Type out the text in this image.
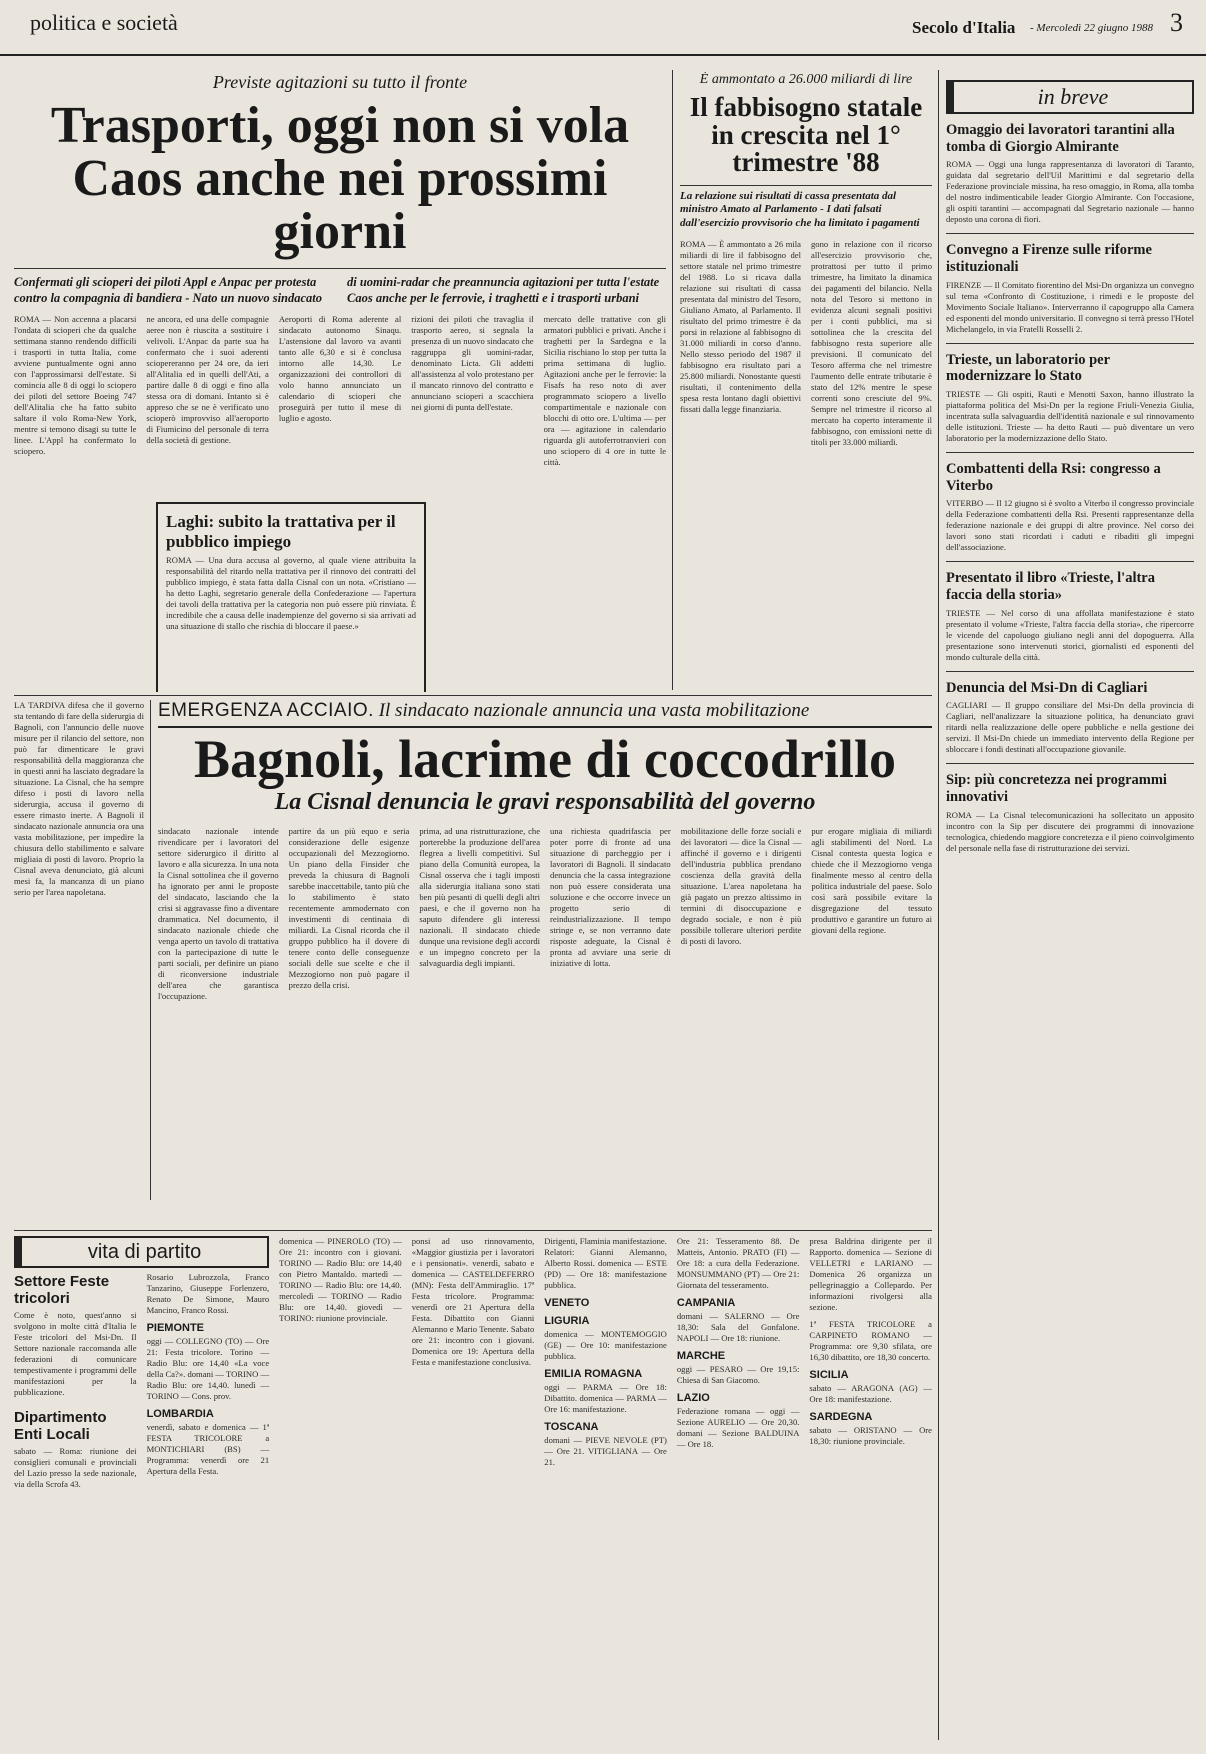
politica e società	Secolo d'Italia - Mercoledì 22 giugno 1988 3
Previste agitazioni su tutto il fronte
Trasporti, oggi non si vola
Caos anche nei prossimi giorni
Confermati gli scioperi dei piloti Appl e Anpac per protesta contro la compagnia di bandiera - Nato un nuovo sindacato
di uomini-radar che preannuncia agitazioni per tutta l'estate Caos anche per le ferrovie, i traghetti e i trasporti urbani
ROMA — Non accenna a placarsi l'ondata di scioperi che da qualche settimana stanno rendendo difficili i trasporti in tutta Italia, come avviene puntualmente ogni anno con l'approssimarsi dell'estate. Si comincia alle 8 di oggi lo sciopero dei piloti del settore Boeing 747 dell'Alitalia che ha fatto subito saltare il volo Roma-New York, mentre si temono disagi su tutte le linee. L'Appl ha confermato lo sciopero.
ne ancora, ed una delle compagnie aeree non è riuscita a sostituire i velivoli. L'Anpac da parte sua ha confermato che i suoi aderenti sciopereranno per 24 ore, da ieri all'Alitalia ed in quelli dell'Ati, a partire dalle 8 di oggi e fino alla stessa ora di domani. Intanto si è appreso che se ne è verificato uno scioperò improvviso all'aeroporto di Fiumicino del personale di terra della società di gestione.
Aeroporti di Roma aderente al sindacato autonomo Sinaqu. L'astensione dal lavoro va avanti tanto alle 6,30 e si è conclusa intorno alle 14,30. Le organizzazioni dei controllori di volo hanno annunciato un calendario di scioperi che proseguirà per tutto il mese di luglio e agosto.
rizioni dei piloti che travaglia il trasporto aereo, si segnala la presenza di un nuovo sindacato che raggruppa gli uomini-radar, denominato Licta. Gli addetti all'assistenza al volo protestano per il mancato rinnovo del contratto e annunciano scioperi a scacchiera nei giorni di punta dell'estate.
mercato delle trattative con gli armatori pubblici e privati. Anche i traghetti per la Sardegna e la Sicilia rischiano lo stop per tutta la prima settimana di luglio. Agitazioni anche per le ferrovie: la Fisafs ha reso noto di aver programmato sciopero a livello compartimentale e nazionale con blocchi di otto ore. L'ultima — per ora — agitazione in calendario riguarda gli autoferrotranvieri con uno sciopero di 4 ore in tutte le città.
Laghi: subito la trattativa per il pubblico impiego
ROMA — Una dura accusa al governo, al quale viene attribuita la responsabilità del ritardo nella trattativa per il rinnovo dei contratti del pubblico impiego, è stata fatta dalla Cisnal con un nota. «Cristiano — ha detto Laghi, segretario generale della Confederazione — l'apertura dei tavoli della trattativa per la categoria non può essere più rinviata. È incredibile che a causa delle inadempienze del governo si sia arrivati ad una situazione di stallo che rischia di bloccare il paese.»
È ammontato a 26.000 miliardi di lire
Il fabbisogno statale in crescita nel 1° trimestre '88
La relazione sui risultati di cassa presentata dal ministro Amato al Parlamento - I dati falsati dall'esercizio provvisorio che ha limitato i pagamenti
ROMA — È ammontato a 26 mila miliardi di lire il fabbisogno del settore statale nel primo trimestre del 1988. Lo si ricava dalla relazione sui risultati di cassa presentata dal ministro del Tesoro, Giuliano Amato, al Parlamento. Il risultato del primo trimestre è da porsi in relazione al fabbisogno di 31.000 miliardi in corso d'anno. Nello stesso periodo del 1987 il fabbisogno era risultato pari a 25.800 miliardi. Nonostante questi risultati, il contenimento della spesa resta lontano dagli obiettivi fissati dalla legge finanziaria.
gono in relazione con il ricorso all'esercizio provvisorio che, protrattosi per tutto il primo trimestre, ha limitato la dinamica dei pagamenti del bilancio. Nella nota del Tesoro si mettono in evidenza alcuni segnali positivi per i conti pubblici, ma si sottolinea che la crescita del fabbisogno resta superiore alle previsioni. Il comunicato del Tesoro afferma che nel trimestre l'aumento delle entrate tributarie è stato del 12% mentre le spese correnti sono cresciute del 9%. Sempre nel trimestre il ricorso al mercato ha coperto interamente il fabbisogno, con emissioni nette di titoli per 33.000 miliardi.
in breve
Omaggio dei lavoratori tarantini alla tomba di Giorgio Almirante
ROMA — Oggi una lunga rappresentanza di lavoratori di Taranto, guidata dal segretario dell'Uil Marittimi e dal segretario della Federazione provinciale missina, ha reso omaggio, in Roma, alla tomba del nostro indimenticabile leader Giorgio Almirante. Con l'occasione, gli ospiti tarantini — accompagnati dal Segretario nazionale — hanno deposto una corona di fiori.
Convegno a Firenze sulle riforme istituzionali
FIRENZE — Il Comitato fiorentino del Msi-Dn organizza un convegno sul tema «Confronto di Costituzione, i rimedi e le proposte del Movimento Sociale Italiano». Interverranno il capogruppo alla Camera ed esponenti del mondo universitario. Il convegno si terrà presso l'Hotel Michelangelo, in via Fratelli Rosselli 2.
Trieste, un laboratorio per modernizzare lo Stato
TRIESTE — Gli ospiti, Rauti e Menotti Saxon, hanno illustrato la piattaforma politica del Msi-Dn per la regione Friuli-Venezia Giulia, incentrata sulla salvaguardia dell'identità nazionale e sul rinnovamento delle istituzioni. Trieste — ha detto Rauti — può diventare un vero laboratorio per la modernizzazione dello Stato.
Combattenti della Rsi: congresso a Viterbo
VITERBO — Il 12 giugno si è svolto a Viterbo il congresso provinciale della Federazione combattenti della Rsi. Presenti rappresentanze della federazione nazionale e dei gruppi di altre province. Nel corso dei lavori sono stati ricordati i caduti e ribaditi gli impegni dell'associazione.
Presentato il libro «Trieste, l'altra faccia della storia»
TRIESTE — Nel corso di una affollata manifestazione è stato presentato il volume «Trieste, l'altra faccia della storia», che ripercorre le vicende del capoluogo giuliano negli anni del dopoguerra. Alla presentazione sono intervenuti storici, giornalisti ed esponenti del mondo culturale della città.
Denuncia del Msi-Dn di Cagliari
CAGLIARI — Il gruppo consiliare del Msi-Dn della provincia di Cagliari, nell'analizzare la situazione politica, ha denunciato gravi ritardi nella realizzazione delle opere pubbliche e nella gestione dei servizi. Il Msi-Dn chiede un immediato intervento della Regione per sbloccare i fondi destinati all'occupazione giovanile.
Sip: più concretezza nei programmi innovativi
ROMA — La Cisnal telecomunicazioni ha sollecitato un apposito incontro con la Sip per discutere dei programmi di innovazione tecnologica, chiedendo maggiore concretezza e il pieno coinvolgimento del personale nella fase di ristrutturazione dei servizi.
LA TARDIVA difesa che il governo sta tentando di fare della siderurgia di Bagnoli, con l'annuncio delle nuove misure per il rilancio del settore, non può far dimenticare le gravi responsabilità della maggioranza che in questi anni ha lasciato degradare la situazione. La Cisnal, che ha sempre difeso i posti di lavoro nella siderurgia, accusa il governo di essere rimasto inerte. A Bagnoli il sindacato nazionale annuncia ora una vasta mobilitazione, per impedire la chiusura dello stabilimento e salvare migliaia di posti di lavoro. Proprio la Cisnal aveva denunciato, già alcuni mesi fa, la mancanza di un piano serio per l'area napoletana.
EMERGENZA ACCIAIO. Il sindacato nazionale annuncia una vasta mobilitazione
Bagnoli, lacrime di coccodrillo
La Cisnal denuncia le gravi responsabilità del governo
sindacato nazionale intende rivendicare per i lavoratori del settore siderurgico il diritto al lavoro e alla sicurezza. In una nota la Cisnal sottolinea che il governo ha ignorato per anni le proposte del sindacato, lasciando che la crisi si aggravasse fino a diventare drammatica. Nel documento, il sindacato nazionale chiede che venga aperto un tavolo di trattativa con la partecipazione di tutte le parti sociali, per definire un piano di riconversione industriale dell'area che garantisca l'occupazione.
partire da un più equo e seria considerazione delle esigenze occupazionali del Mezzogiorno. Un piano della Finsider che preveda la chiusura di Bagnoli sarebbe inaccettabile, tanto più che lo stabilimento è stato recentemente ammodernato con investimenti di centinaia di miliardi. La Cisnal ricorda che il gruppo pubblico ha il dovere di tenere conto delle conseguenze sociali delle sue scelte e che il Mezzogiorno non può pagare il prezzo della crisi.
prima, ad una ristrutturazione, che porterebbe la produzione dell'area flegrea a livelli competitivi. Sul piano della Comunità europea, la Cisnal osserva che i tagli imposti alla siderurgia italiana sono stati ben più pesanti di quelli degli altri paesi, e che il governo non ha saputo difendere gli interessi nazionali. Il sindacato chiede dunque una revisione degli accordi e un impegno concreto per la salvaguardia degli impianti.
una richiesta quadrifascia per poter porre di fronte ad una situazione di parcheggio per i lavoratori di Bagnoli. Il sindacato denuncia che la cassa integrazione non può essere considerata una soluzione e che occorre invece un progetto serio di reindustrializzazione. Il tempo stringe e, se non verranno date risposte adeguate, la Cisnal è pronta ad avviare una serie di iniziative di lotta.
mobilitazione delle forze sociali e dei lavoratori — dice la Cisnal — affinché il governo e i dirigenti dell'industria pubblica prendano coscienza della gravità della situazione. L'area napoletana ha già pagato un prezzo altissimo in termini di disoccupazione e degrado sociale, e non è più possibile tollerare ulteriori perdite di posti di lavoro.
pur erogare migliaia di miliardi agli stabilimenti del Nord. La Cisnal contesta questa logica e chiede che il Mezzogiorno venga finalmente messo al centro della politica industriale del paese. Solo così sarà possibile evitare la disgregazione del tessuto produttivo e garantire un futuro ai giovani della regione.
vita di partito
Settore Feste tricolori
Come è noto, quest'anno si svolgono in molte città d'Italia le Feste tricolori del Msi-Dn. Il Settore nazionale raccomanda alle federazioni di comunicare tempestivamente i programmi delle manifestazioni per la pubblicazione.
Dipartimento Enti Locali
sabato — Roma: riunione dei consiglieri comunali e provinciali del Lazio presso la sede nazionale, via della Scrofa 43.
Rosario Lubrozzola, Franco Tanzarino, Giuseppe Forlenzero, Renato De Simone, Mauro Mancino, Franco Rossi.
PIEMONTE
oggi — COLLEGNO (TO) — Ore 21: Festa tricolore. Torino — Radio Blu: ore 14,40 «La voce della Ca?». domani — TORINO — Radio Blu: ore 14,40. lunedì — TORINO — Cons. prov.
LOMBARDIA
venerdì, sabato e domenica — 1ª FESTA TRICOLORE a MONTICHIARI (BS) — Programma: venerdì ore 21 Apertura della Festa.
domenica — PINEROLO (TO) — Ore 21: incontro con i giovani. TORINO — Radio Blu: ore 14,40 con Pietro Mantaldo. martedì — TORINO — Radio Blu: ore 14,40. mercoledì — TORINO — Radio Blu: ore 14,40. giovedì — TORINO: riunione provinciale.
ponsi ad uso rinnovamento, «Maggior giustizia per i lavoratori e i pensionati». venerdì, sabato e domenica — CASTELDEFERRO (MN): Festa dell'Ammiraglio. 17ª Festa tricolore. Programma: venerdì ore 21 Apertura della Festa. Dibattito con Gianni Alemanno e Mario Tenente. Sabato ore 21: incontro con i giovani. Domenica ore 19: Apertura della Festa e manifestazione conclusiva.
Dirigenti, Flaminia manifestazione. Relatori: Gianni Alemanno, Alberto Rossi. domenica — ESTE (PD) — Ore 18: manifestazione pubblica.
VENETO
LIGURIA
domenica — MONTEMOGGIO (GE) — Ore 10: manifestazione pubblica.
EMILIA ROMAGNA
oggi — PARMA — Ore 18: Dibattito. domenica — PARMA — Ore 16: manifestazione.
TOSCANA
domani — PIEVE NEVOLE (PT) — Ore 21. VITIGLIANA — Ore 21.
Ore 21: Tesseramento 88. De Matteis, Antonio. PRATO (FI) — Ore 18: a cura della Federazione. MONSUMMANO (PT) — Ore 21: Giornata del tesseramento.
CAMPANIA
domani — SALERNO — Ore 18,30: Sala del Gonfalone. NAPOLI — Ore 18: riunione.
MARCHE
oggi — PESARO — Ore 19,15: Chiesa di San Giacomo.
LAZIO
Federazione romana — oggi — Sezione AURELIO — Ore 20,30. domani — Sezione BALDUINA — Ore 18.
presa Baldrina dirigente per il Rapporto. domenica — Sezione di VELLETRI e LARIANO — Domenica 26 organizza un pellegrinaggio a Collepardo. Per informazioni rivolgersi alla sezione.
1ª FESTA TRICOLORE a CARPINETO ROMANO — Programma: ore 9,30 sfilata, ore 16,30 dibattito, ore 18,30 concerto.
SICILIA
sabato — ARAGONA (AG) — Ore 18: manifestazione.
SARDEGNA
sabato — ORISTANO — Ore 18,30: riunione provinciale.
